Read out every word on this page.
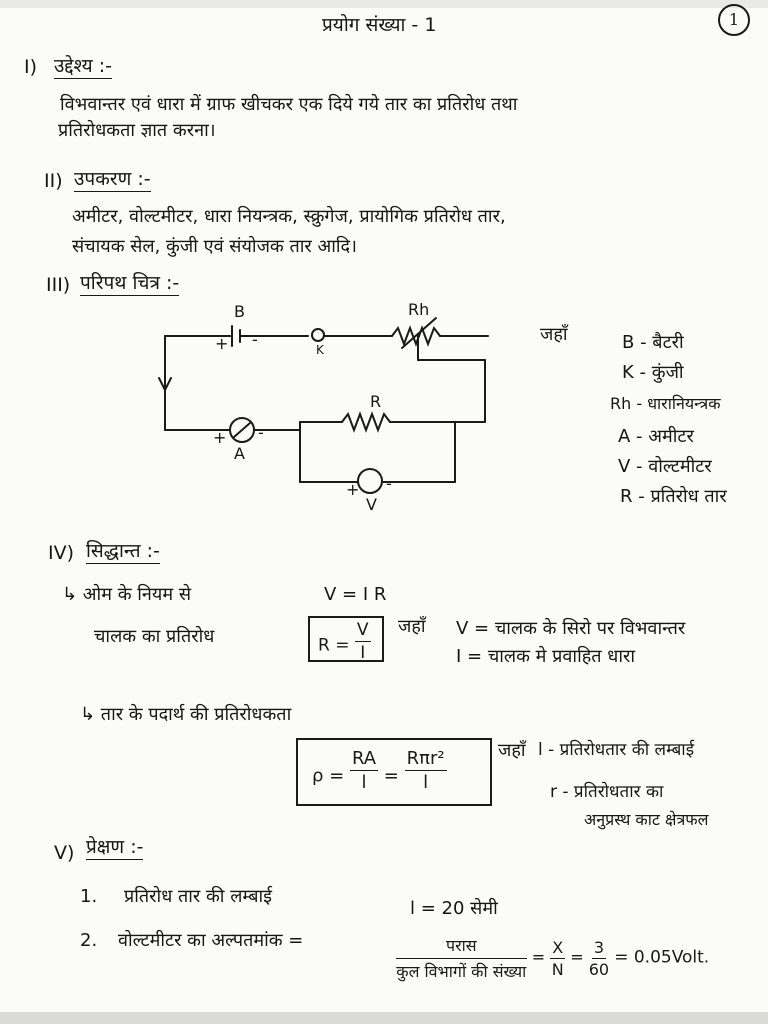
1
प्रयोग संख्या - 1
I) उद्देश्य :-
विभवान्तर एवं धारा में ग्राफ खीचकर एक दिये गये तार का प्रतिरोध तथा
प्रतिरोधकता ज्ञात करना।
II) उपकरण :-
अमीटर, वोल्टमीटर, धारा नियन्त्रक, स्क्रुगेज, प्रायोगिक प्रतिरोध तार,
संचायक सेल, कुंजी एवं संयोजक तार आदि।
III) परिपथ चित्र :-
B
+ -
K
Rh
R
+ -
A
+ -
V
जहाँ	B - बैटरी
K - कुंजी
Rh - धारानियन्त्रक
A - अमीटर
V - वोल्टमीटर
R - प्रतिरोध तार
IV) सिद्धान्त :-
↳ ओम के नियम से	V = I R
चालक का प्रतिरोध	$R = \frac{V}{I}$ जहाँ V = चालक के सिरो पर विभवान्तर
I = चालक मे प्रवाहित धारा
↳ तार के पदार्थ की प्रतिरोधकता
$\rho = \frac{RA}{l} = \frac{\text{Rπr²}}{l}$	जहाँ l - प्रतिरोधतार की लम्बाई
r - प्रतिरोधतार का
अनुप्रस्थ काट क्षेत्रफल
V) प्रेक्षण :-
1. प्रतिरोध तार की लम्बाई
l = 20 सेमी
2. वोल्टमीटर का अल्पतमांक =	$\frac{\text{परास}}{\text{कुल विभागों की संख्या}} = \frac{X}{N} = \frac{3}{60}$ = 0.05Volt.
